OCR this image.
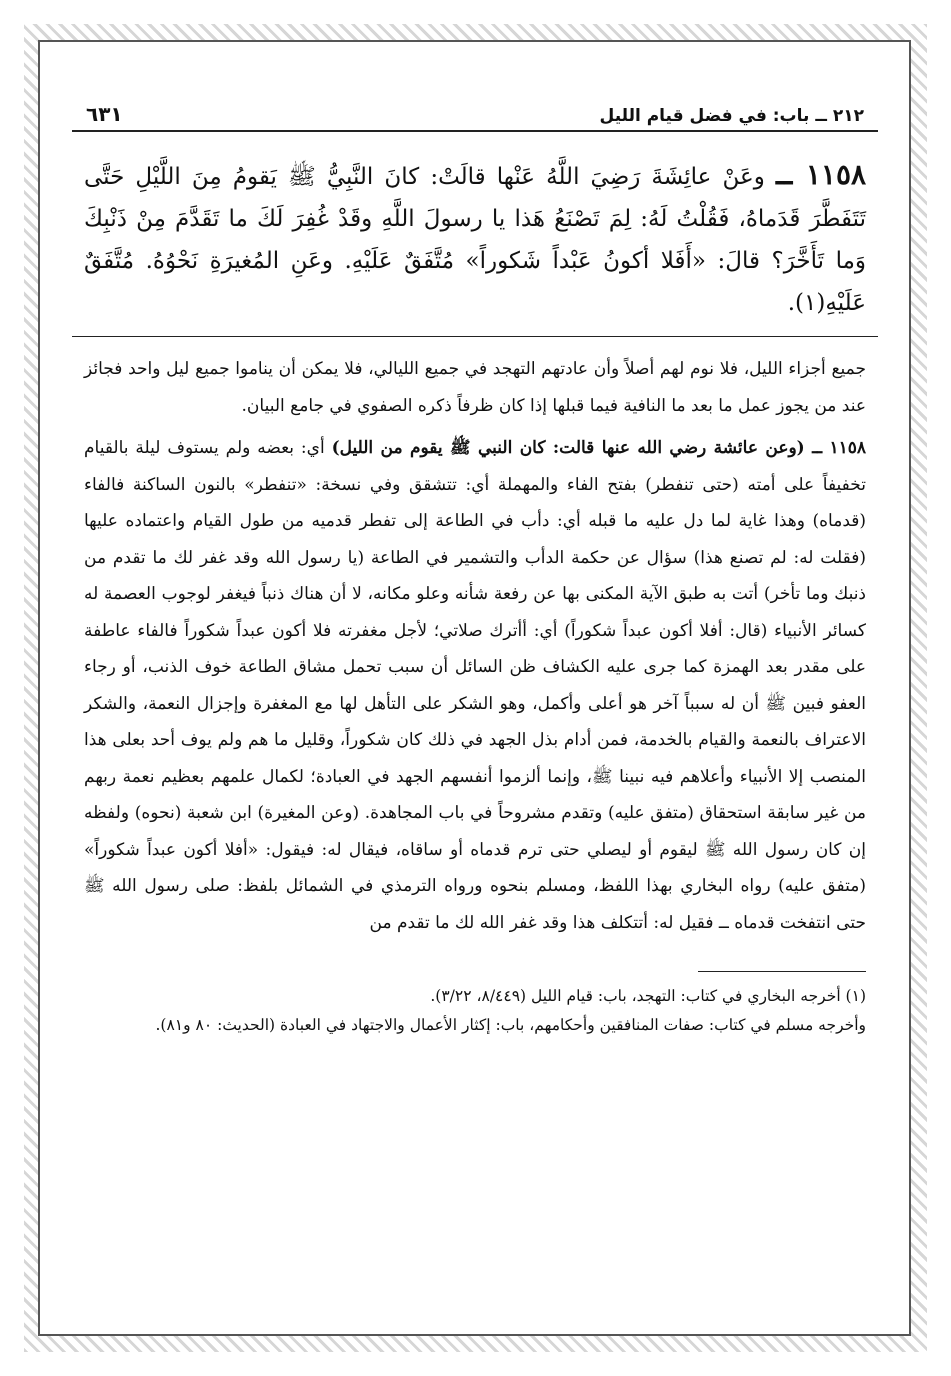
٢١٢ ــ باب: في فضل قيام الليل
٦٣١
١١٥٨ ــ وعَنْ عائِشَةَ رَضِيَ اللَّهُ عَنْها قالَتْ: كانَ النَّبِيُّ ﷺ يَقومُ مِنَ اللَّيْلِ حَتَّى تَتَفَطَّرَ قَدَماهُ، فَقُلْتُ لَهُ: لِمَ تَصْنَعُ هَذا يا رسولَ اللَّهِ وقَدْ غُفِرَ لَكَ ما تَقَدَّمَ مِنْ ذَنْبِكَ وَما تَأَخَّرَ؟ قالَ: «أَفَلا أكونُ عَبْداً شَكوراً» مُتَّفَقٌ عَلَيْهِ. وعَنِ المُغيرَةِ نَحْوُهُ. مُتَّفَقٌ عَلَيْهِ(١).

جميع أجزاء الليل، فلا نوم لهم أصلاً وأن عادتهم التهجد في جميع الليالي، فلا يمكن أن يناموا جميع ليل واحد فجائز عند من يجوز عمل ما بعد ما النافية فيما قبلها إذا كان ظرفاً ذكره الصفوي في جامع البيان.

١١٥٨ ــ (وعن عائشة رضي الله عنها قالت: كان النبي ﷺ يقوم من الليل) أي: بعضه ولم يستوف ليلة بالقيام تخفيفاً على أمته (حتى تنفطر) بفتح الفاء والمهملة أي: تتشقق وفي نسخة: «تنفطر» بالنون الساكنة فالفاء (قدماه) وهذا غاية لما دل عليه ما قبله أي: دأب في الطاعة إلى تفطر قدميه من طول القيام واعتماده عليها (فقلت له: لم تصنع هذا) سؤال عن حكمة الدأب والتشمير في الطاعة (يا رسول الله وقد غفر لك ما تقدم من ذنبك وما تأخر) أتت به طبق الآية المكنى بها عن رفعة شأنه وعلو مكانه، لا أن هناك ذنباً فيغفر لوجوب العصمة له كسائر الأنبياء (قال: أفلا أكون عبداً شكوراً) أي: أأترك صلاتي؛ لأجل مغفرته فلا أكون عبداً شكوراً فالفاء عاطفة على مقدر بعد الهمزة كما جرى عليه الكشاف ظن السائل أن سبب تحمل مشاق الطاعة خوف الذنب، أو رجاء العفو فبين ﷺ أن له سبباً آخر هو أعلى وأكمل، وهو الشكر على التأهل لها مع المغفرة وإجزال النعمة، والشكر الاعتراف بالنعمة والقيام بالخدمة، فمن أدام بذل الجهد في ذلك كان شكوراً، وقليل ما هم ولم يوف أحد بعلى هذا المنصب إلا الأنبياء وأعلاهم فيه نبينا ﷺ، وإنما ألزموا أنفسهم الجهد في العبادة؛ لكمال علمهم بعظيم نعمة ربهم من غير سابقة استحقاق (متفق عليه) وتقدم مشروحاً في باب المجاهدة. (وعن المغيرة) ابن شعبة (نحوه) ولفظه إن كان رسول الله ﷺ ليقوم أو ليصلي حتى ترم قدماه أو ساقاه، فيقال له: فيقول: «أفلا أكون عبداً شكوراً» (متفق عليه) رواه البخاري بهذا اللفظ، ومسلم بنحوه ورواه الترمذي في الشمائل بلفظ: صلى رسول الله ﷺ حتى انتفخت قدماه ــ فقيل له: أتتكلف هذا وقد غفر الله لك ما تقدم من

(١) أخرجه البخاري في كتاب: التهجد، باب: قيام الليل (٨/٤٤٩، ٣/٢٢).

وأخرجه مسلم في كتاب: صفات المنافقين وأحكامهم، باب: إكثار الأعمال والاجتهاد في العبادة (الحديث: ٨٠ و٨١).
